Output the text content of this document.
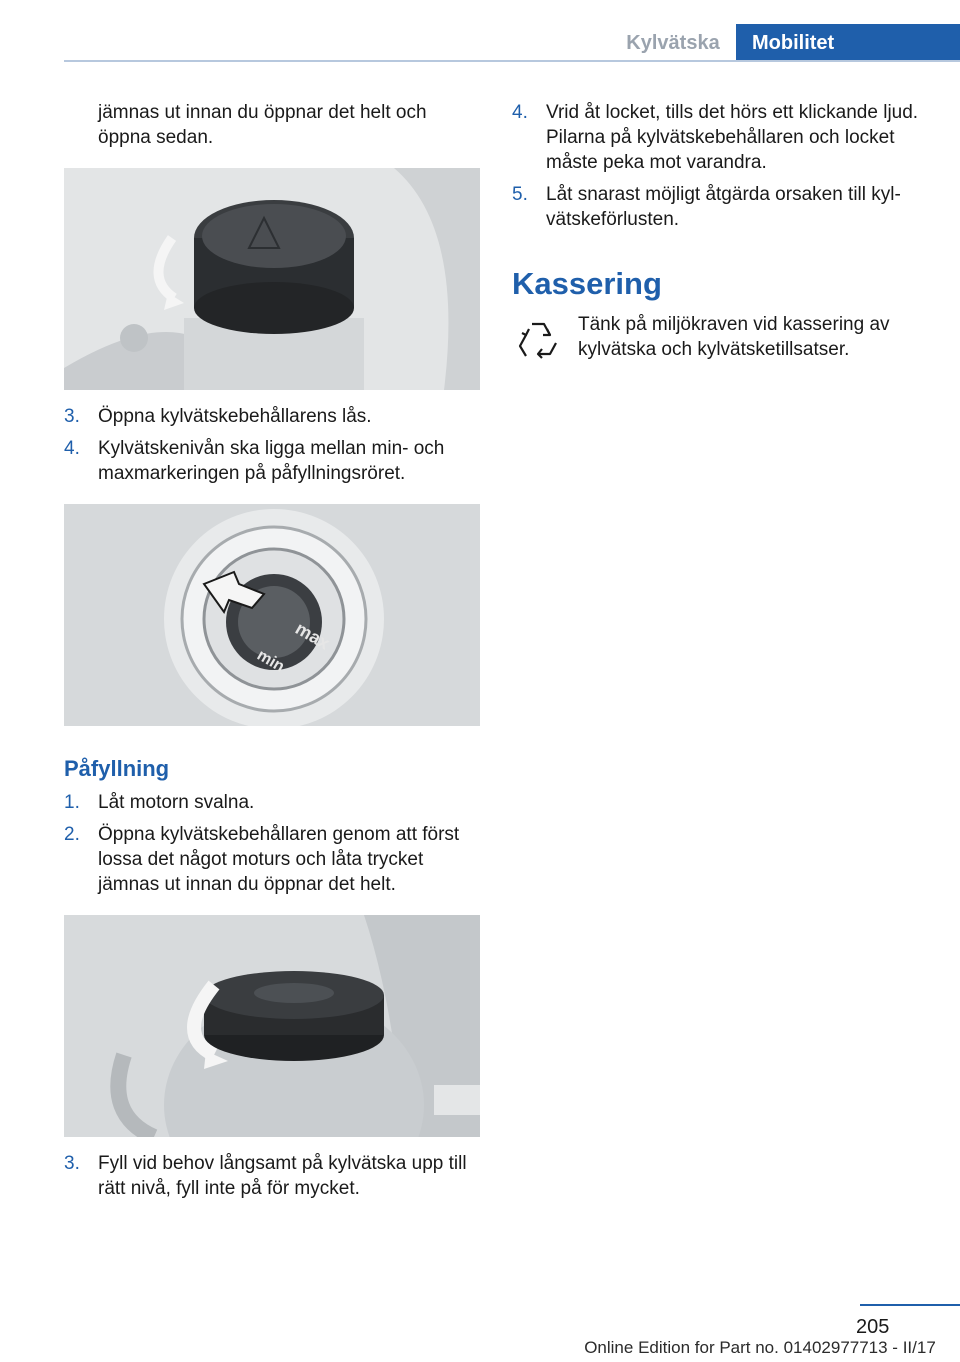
Kylvätska	Mobilitet

jämnas ut innan du öppnar det helt och öppna sedan.

3. Öppna kylvätskebehållarens lås.
4. Kylvätskenivån ska ligga mellan min- och maxmarkeringen på påfyllningsröret.
max
min
Påfyllning
1. Låt motorn svalna.
2. Öppna kylvätskebehållaren genom att först lossa det något moturs och låta trycket jämnas ut innan du öppnar det helt.
3. Fyll vid behov långsamt på kylvätska upp till rätt nivå, fyll inte på för mycket.
4. Vrid åt locket, tills det hörs ett klickande ljud. Pilarna på kylvätskebehållaren och locket måste peka mot varandra.
5. Låt snarast möjligt åtgärda orsaken till kyl-vätskeförlusten.
Kassering

Tänk på miljökraven vid kassering av kylvätska och kylvätsketillsatser.

205
Online Edition for Part no. 01402977713 - II/17
